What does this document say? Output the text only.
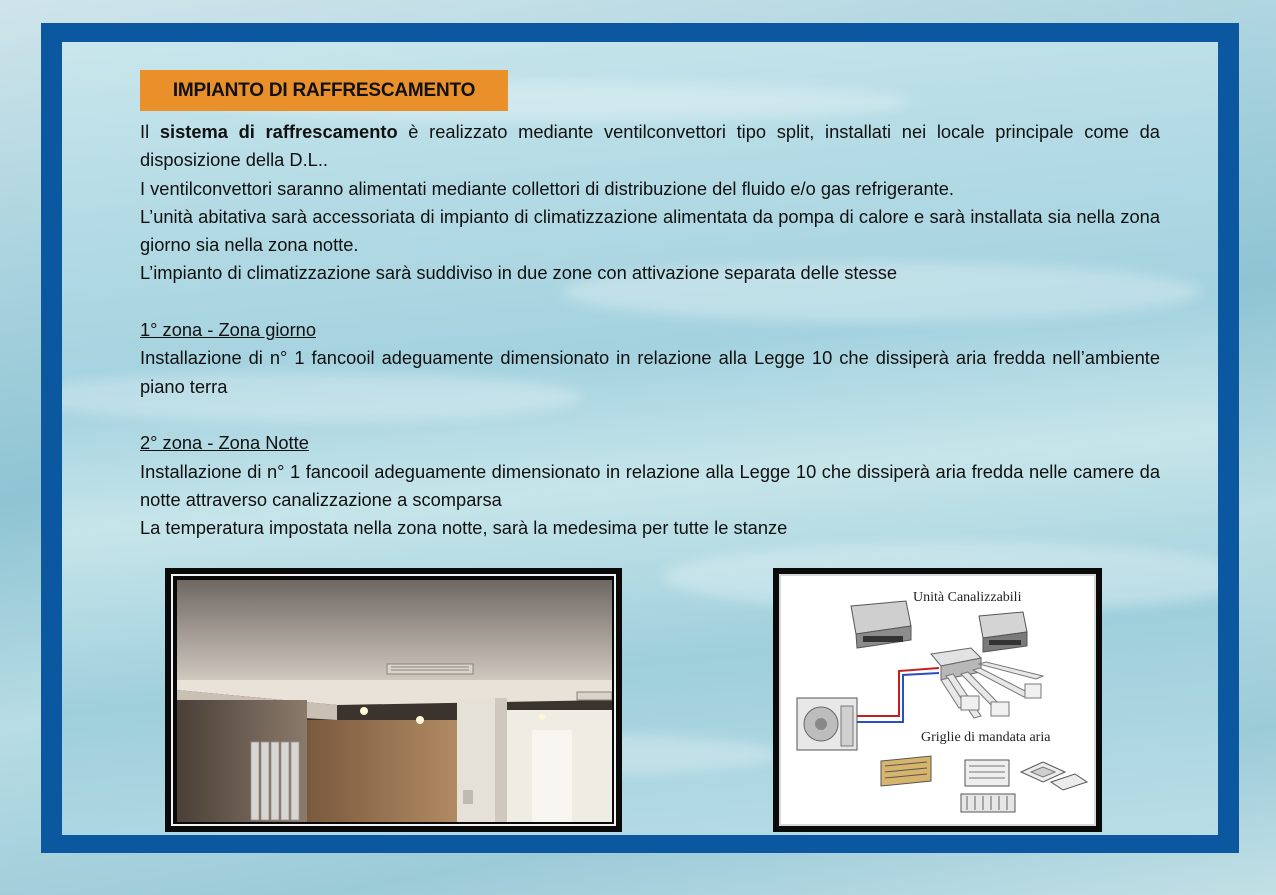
IMPIANTO DI RAFFRESCAMENTO

Il sistema di raffrescamento è realizzato mediante ventilconvettori tipo split, installati nei locale principale come da disposizione della D.L..

I ventilconvettori saranno alimentati mediante collettori di distribuzione del fluido e/o gas refrigerante.

L’unità abitativa sarà accessoriata di impianto di climatizzazione alimentata da pompa di calore e sarà installata sia nella zona giorno sia nella zona notte.

L’impianto di climatizzazione sarà suddiviso in due zone con attivazione separata delle stesse

1° zona - Zona giorno

Installazione di n° 1 fancooil adeguamente dimensionato in relazione alla Legge 10 che dissiperà aria fredda nell’ambiente piano terra

2° zona - Zona Notte

Installazione di n° 1 fancooil adeguamente dimensionato in relazione alla Legge 10 che dissiperà aria fredda nelle camere da notte attraverso canalizzazione a scomparsa

La temperatura impostata nella zona notte, sarà la medesima per tutte le stanze

Unità Canalizzabili
Griglie di mandata aria
